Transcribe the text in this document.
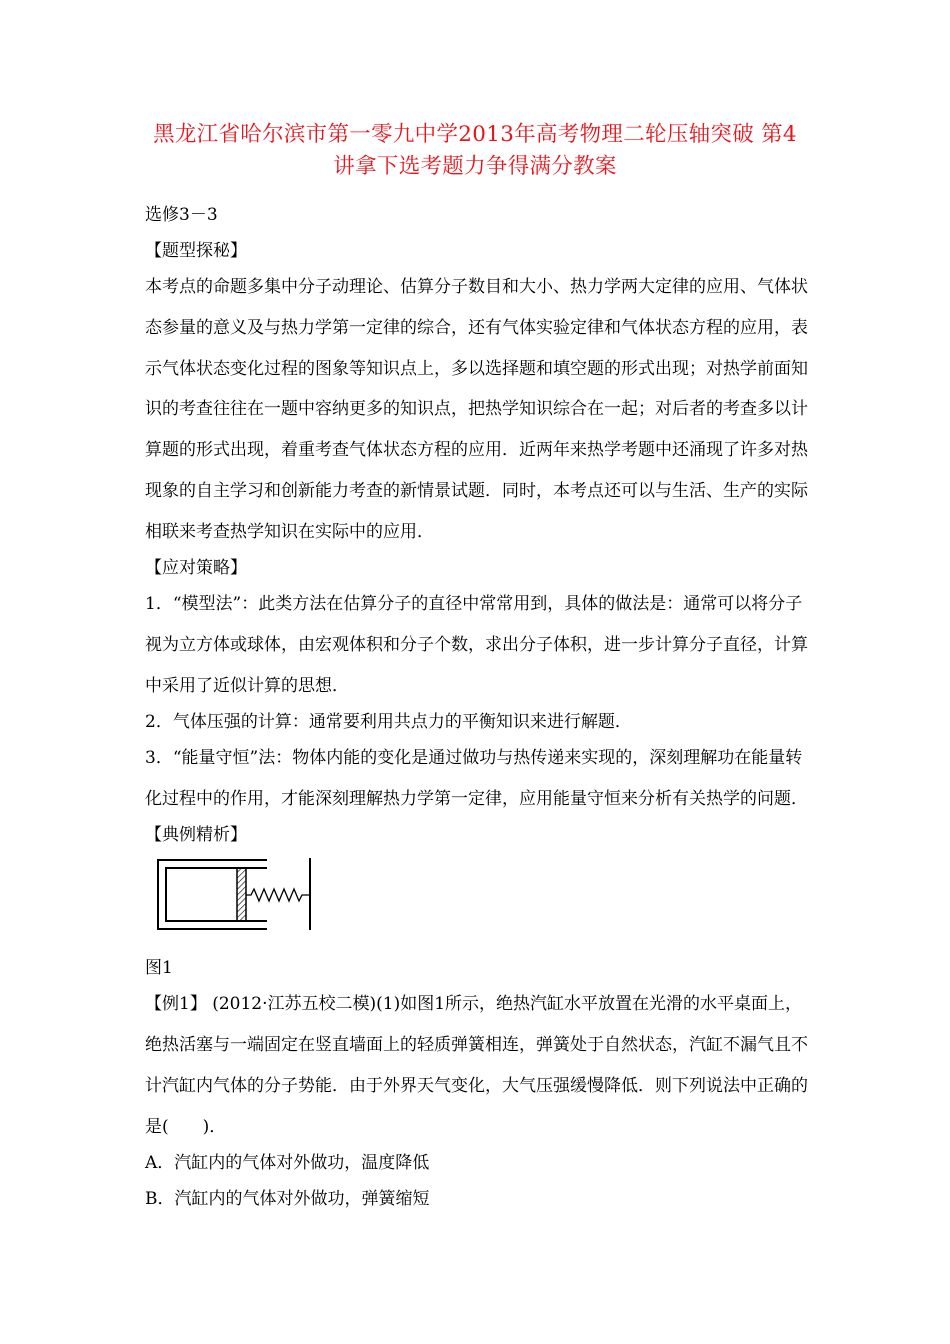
黑龙江省哈尔滨市第一零九中学2013年高考物理二轮压轴突破 第4
讲拿下选考题力争得满分教案
选修3－3
【题型探秘】
本考点的命题多集中分子动理论、估算分子数目和大小、热力学两大定律的应用、气体状
态参量的意义及与热力学第一定律的综合，还有气体实验定律和气体状态方程的应用，表
示气体状态变化过程的图象等知识点上，多以选择题和填空题的形式出现；对热学前面知
识的考查往往在一题中容纳更多的知识点，把热学知识综合在一起；对后者的考查多以计
算题的形式出现，着重考查气体状态方程的应用．近两年来热学考题中还涌现了许多对热
现象的自主学习和创新能力考查的新情景试题．同时，本考点还可以与生活、生产的实际
相联来考查热学知识在实际中的应用．
【应对策略】
1．“模型法”：此类方法在估算分子的直径中常常用到，具体的做法是：通常可以将分子
视为立方体或球体，由宏观体积和分子个数，求出分子体积，进一步计算分子直径，计算
中采用了近似计算的思想．
2．气体压强的计算：通常要利用共点力的平衡知识来进行解题．
3．“能量守恒”法：物体内能的变化是通过做功与热传递来实现的，深刻理解功在能量转
化过程中的作用，才能深刻理解热力学第一定律，应用能量守恒来分析有关热学的问题．
【典例精析】
图1
【例1】 (2012·江苏五校二模)(1)如图1所示，绝热汽缸水平放置在光滑的水平桌面上，
绝热活塞与一端固定在竖直墙面上的轻质弹簧相连，弹簧处于自然状态，汽缸不漏气且不
计汽缸内气体的分子势能．由于外界天气变化，大气压强缓慢降低．则下列说法中正确的
是(　　)．
A．汽缸内的气体对外做功，温度降低
B．汽缸内的气体对外做功，弹簧缩短
